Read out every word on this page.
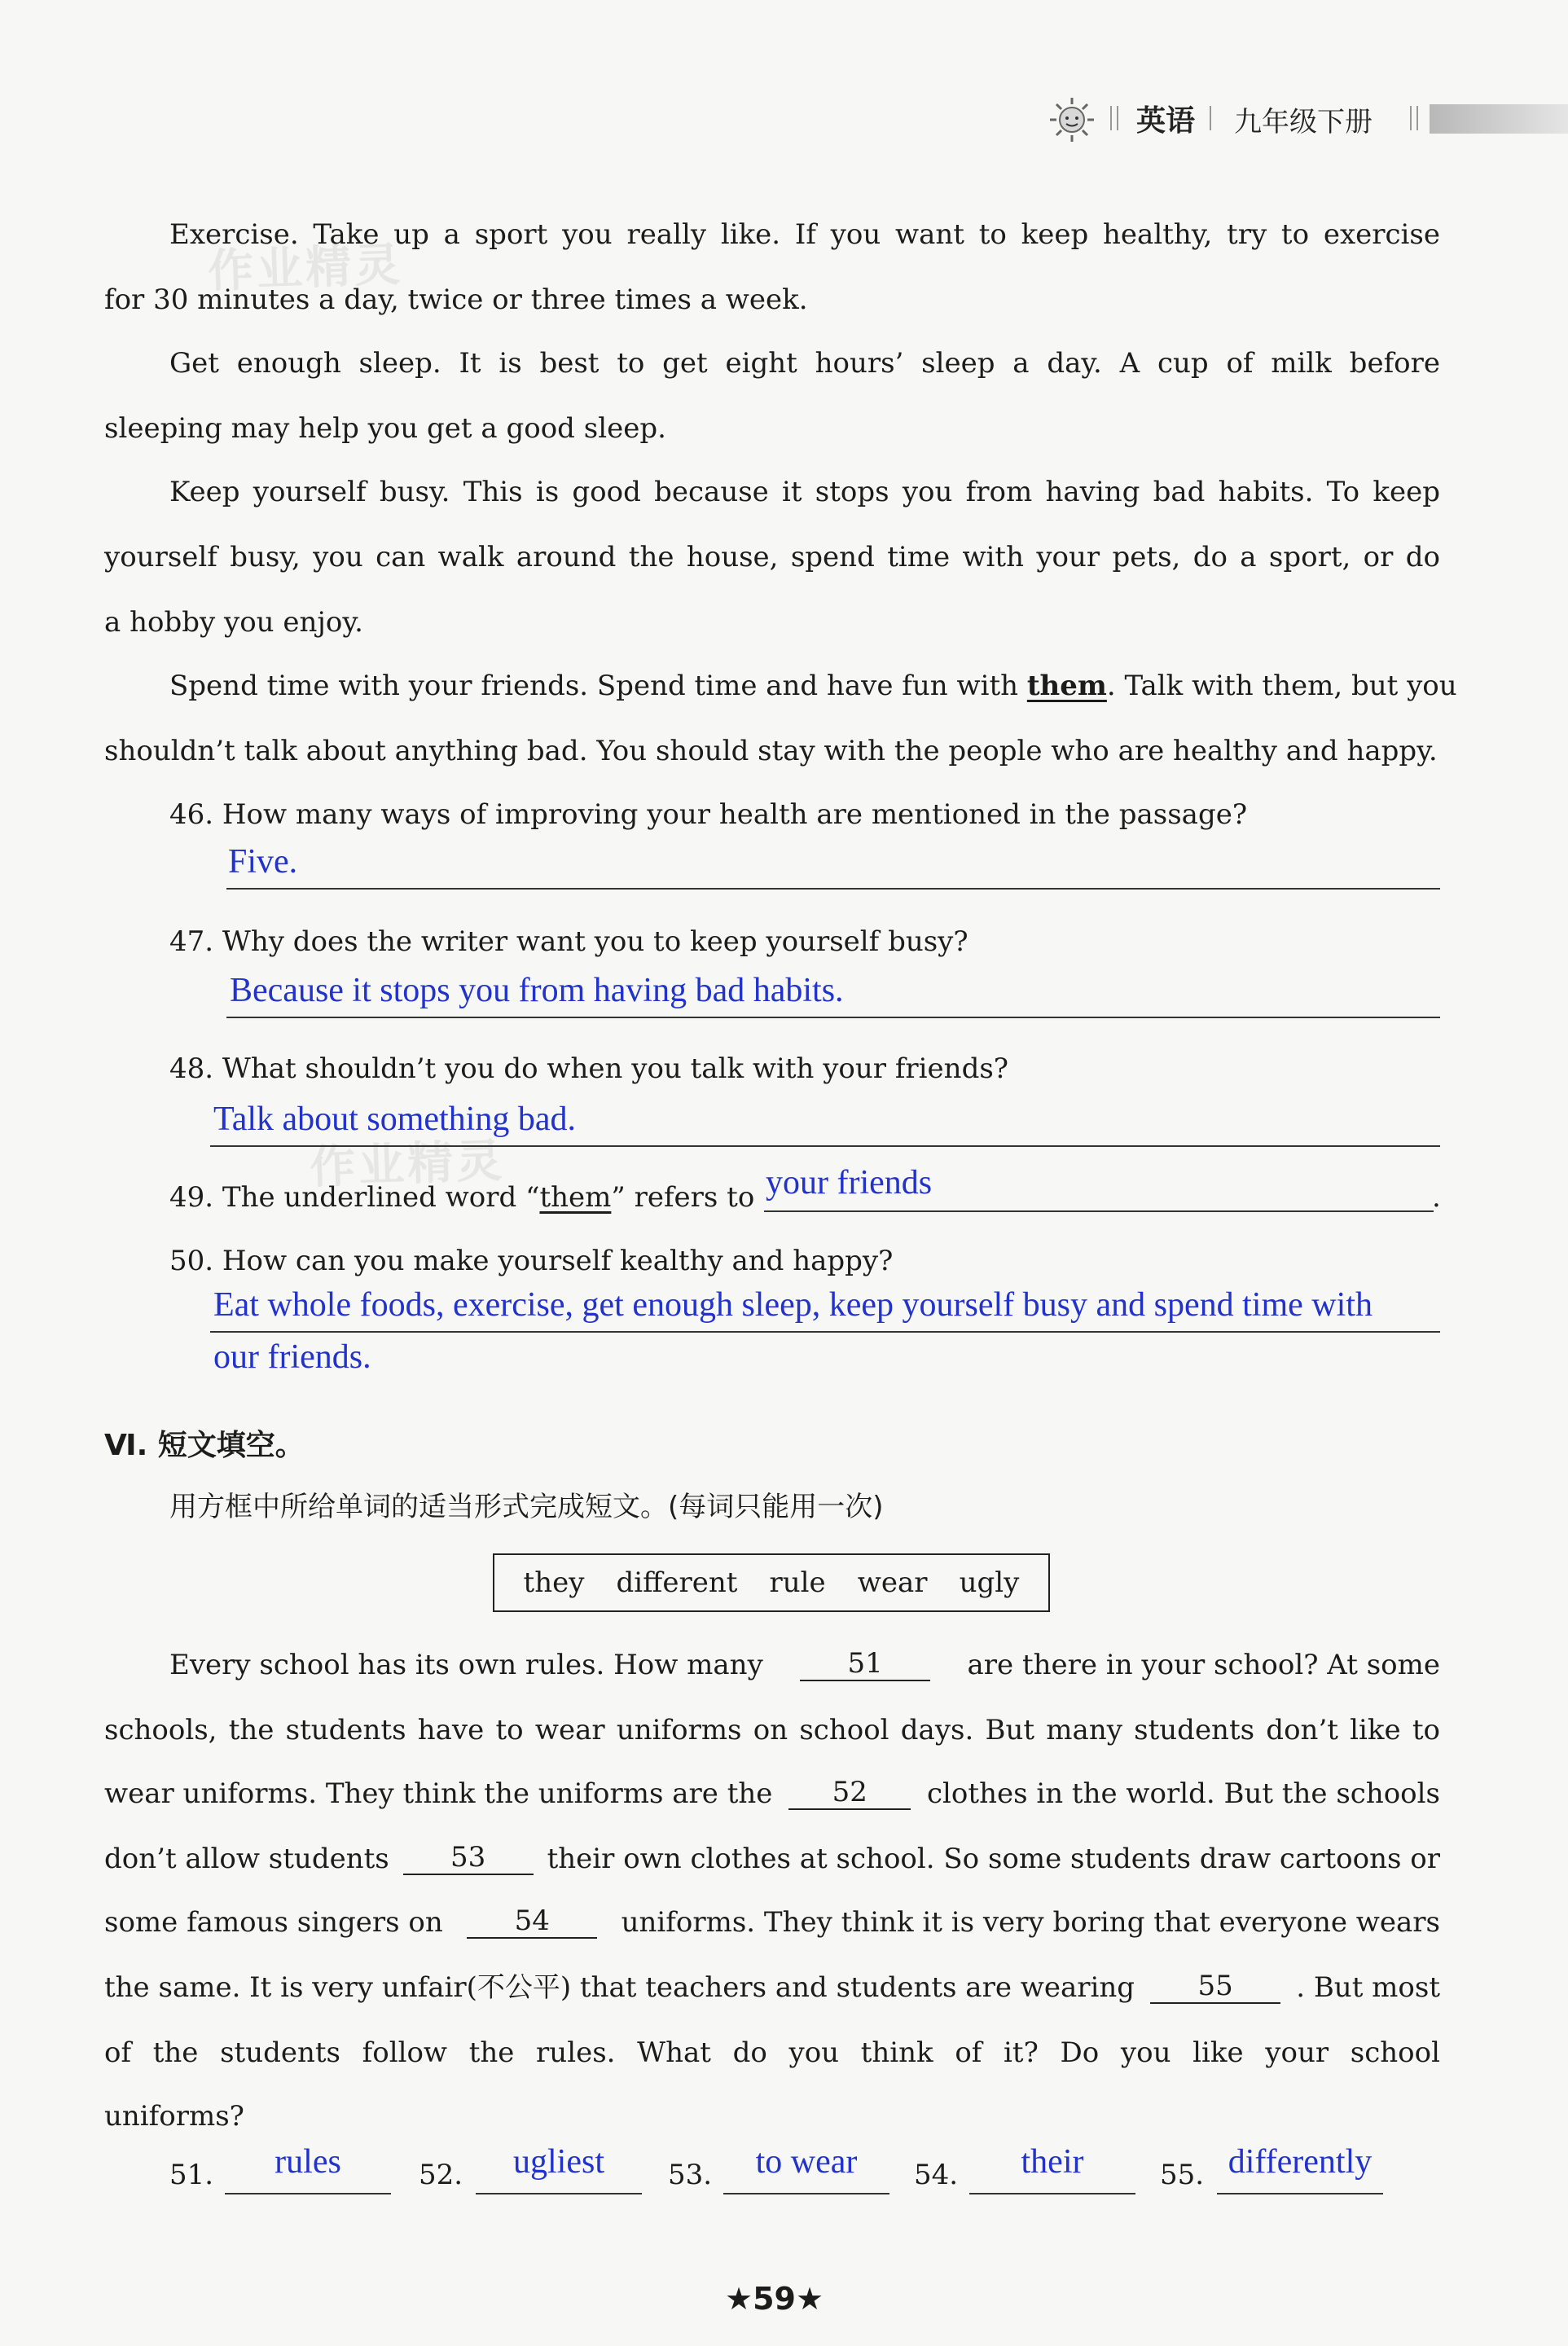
英语 九年级下册
作业精灵
作业精灵
Exercise. Take up a sport you really like. If you want to keep healthy, try to exercise
for 30 minutes a day, twice or three times a week.
Get enough sleep. It is best to get eight hours’ sleep a day. A cup of milk before
sleeping may help you get a good sleep.
Keep yourself busy. This is good because it stops you from having bad habits. To keep
yourself busy, you can walk around the house, spend time with your pets, do a sport, or do
a hobby you enjoy.
Spend time with your friends. Spend time and have fun with them . Talk with them, but you
shouldn’t talk about anything bad. You should stay with the people who are healthy and happy.
46. How many ways of improving your health are mentioned in the passage?
Five.
47. Why does the writer want you to keep yourself busy?
Because it stops you from having bad habits.
48. What shouldn’t you do when you talk with your friends?
Talk about something bad.
49. The underlined word “them” refers to your friends	.
50. How can you make yourself kealthy and happy?
Eat whole foods, exercise, get enough sleep, keep yourself busy and spend time with
our friends.
Ⅵ. 短文填空。
用方框中所给单词的适当形式完成短文。(每词只能用一次)
they different rule wear ugly
Every school has its own rules. How many	51	are there in your school? At some
schools, the students have to wear uniforms on school days. But many students don’t like to
wear uniforms. They think the uniforms are the	52	clothes in the world. But the schools
don’t allow students	53	their own clothes at school. So some students draw cartoons or
some famous singers on	54	uniforms. They think it is very boring that everyone wears
the same. It is very unfair(不公平) that teachers and students are wearing	55	. But most
of the students follow the rules. What do you think of it? Do you like your school
uniforms?
51.	rules	52.	ugliest	53.	to wear	54.	their	55. differently
★59★
